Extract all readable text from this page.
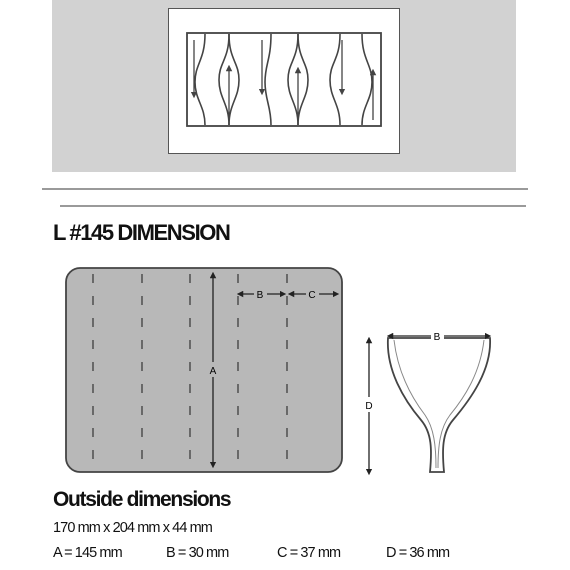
L #145 DIMENSION
A
B	C
B
D
Outside dimensions
170 mm x 204 mm x 44 mm
A = 145 mm	B = 30 mm	C = 37 mm	D = 36 mm
